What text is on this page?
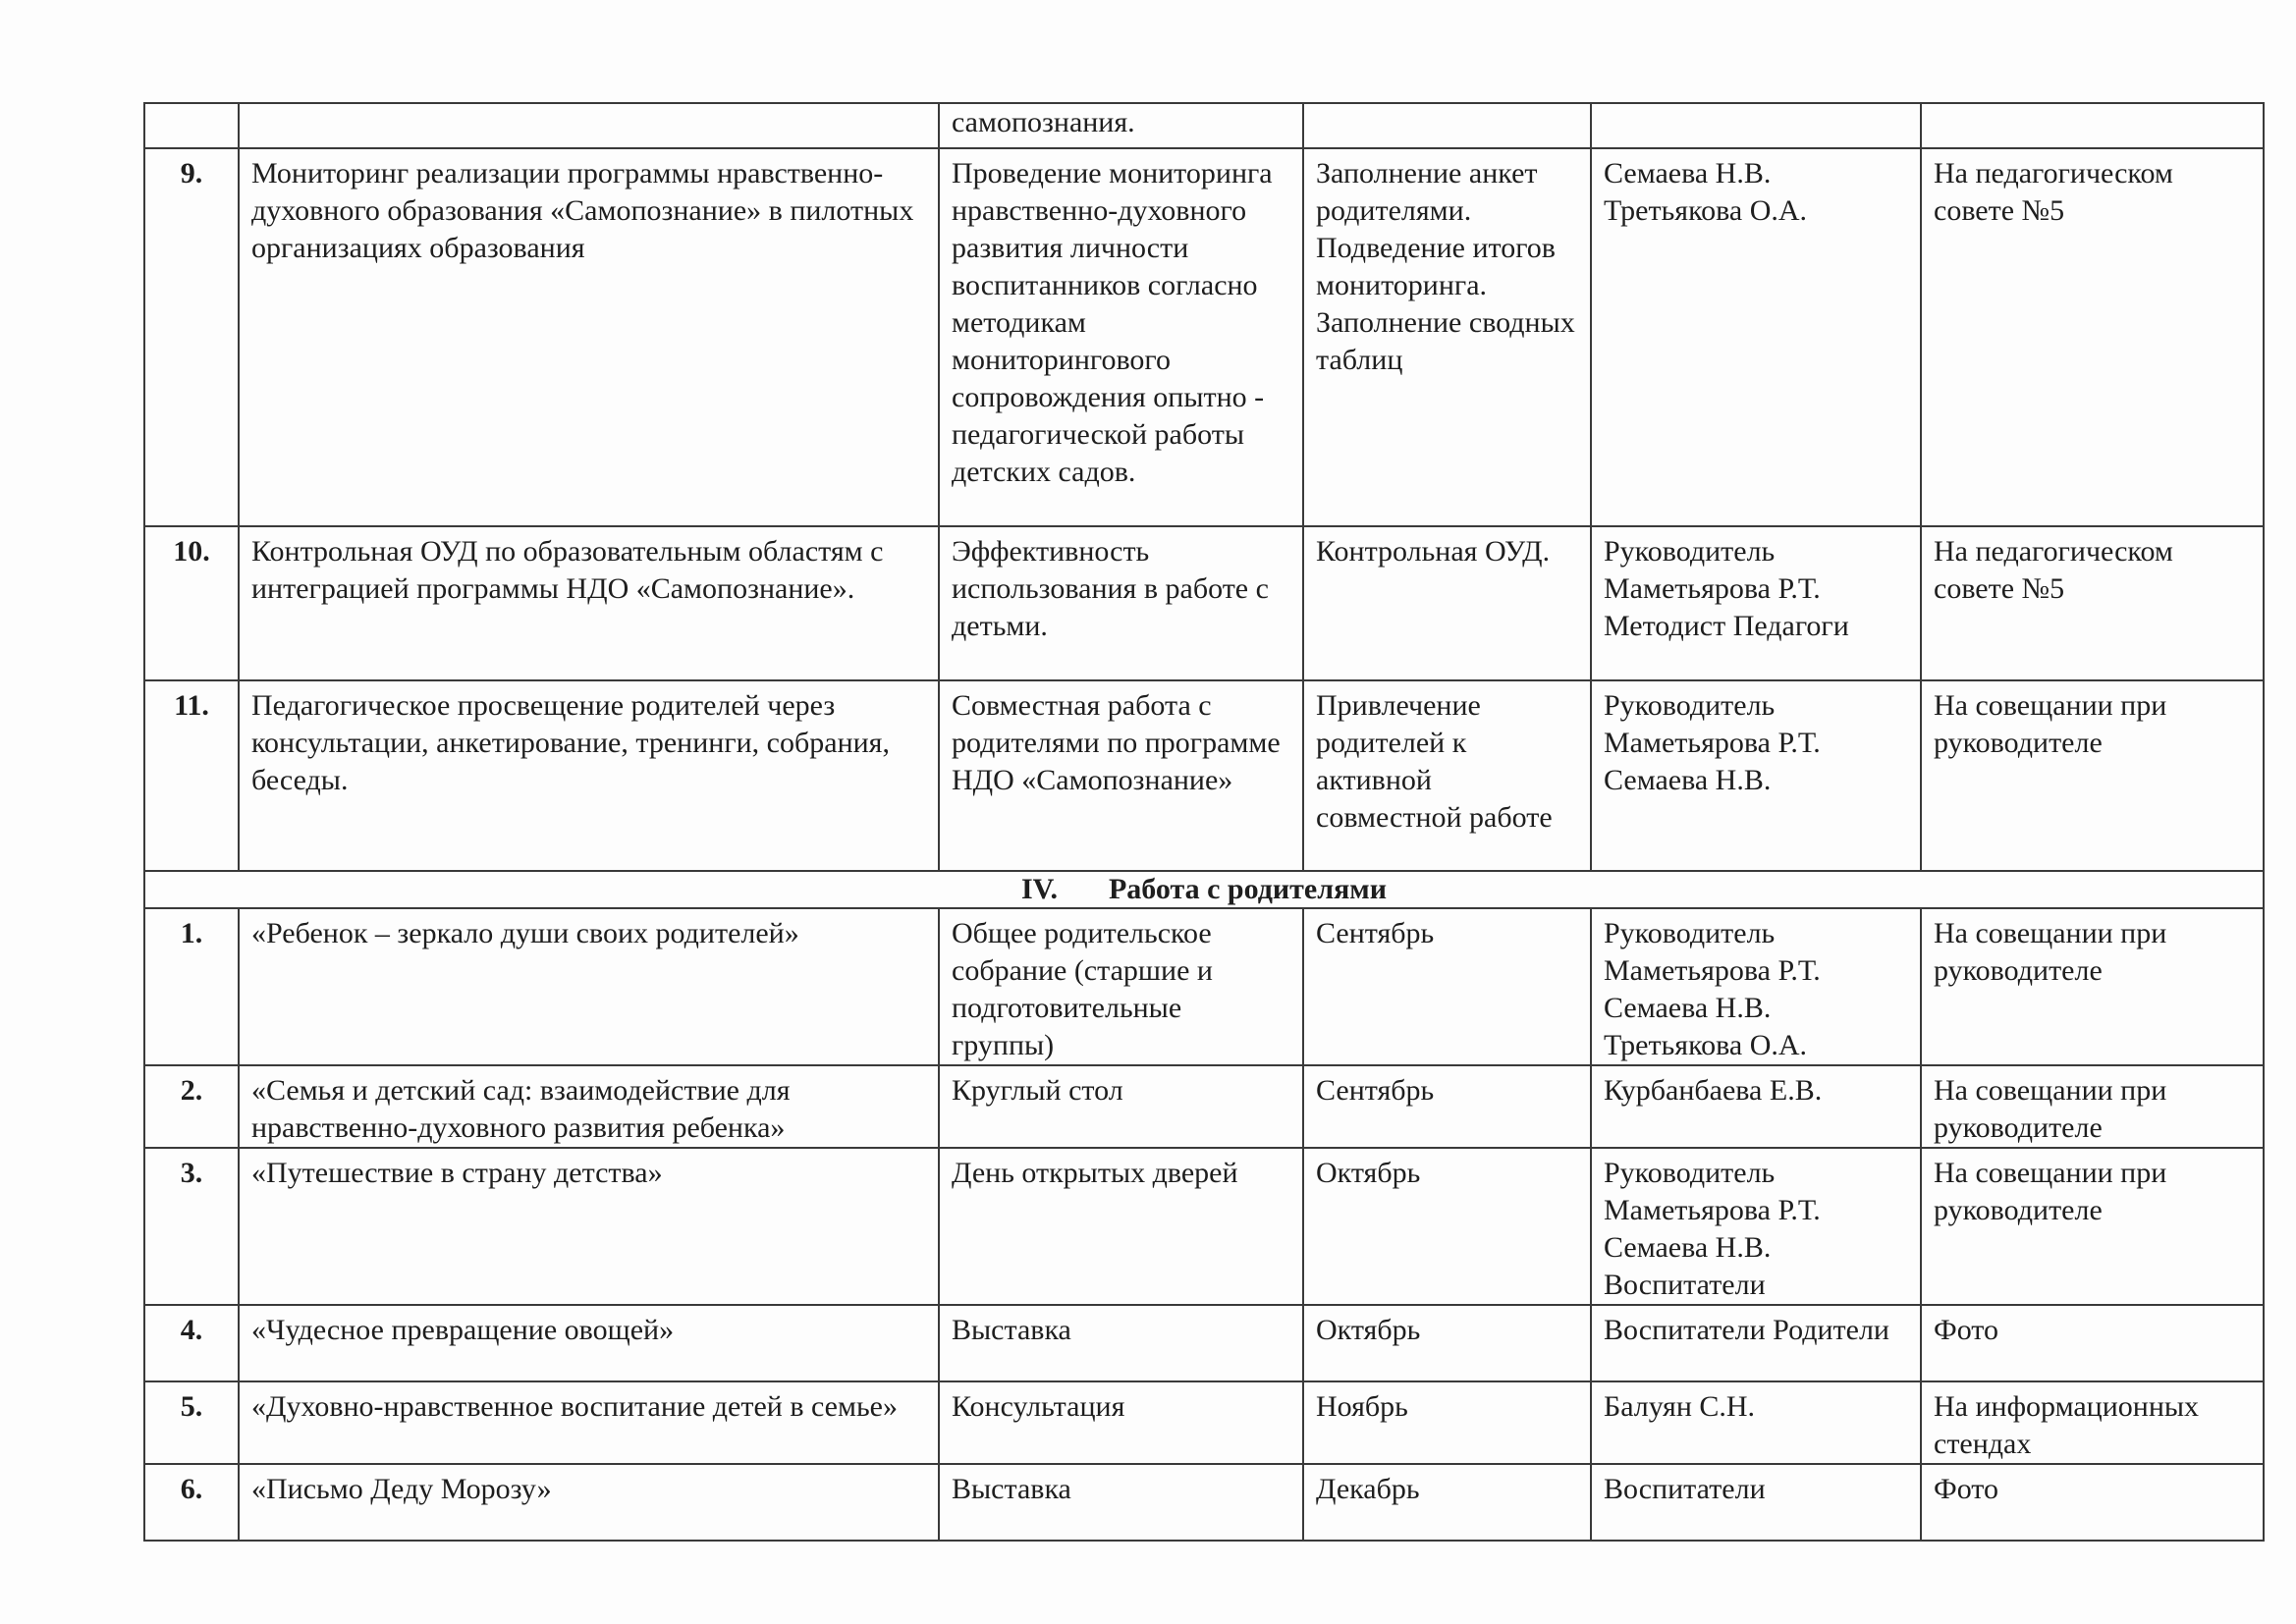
		самопознания.			
9.	Мониторинг реализации программы нравственно-духовного образования «Самопознание» в пилотных организациях образования	Проведение мониторинга нравственно-духовного развития личности воспитанников согласно методикам мониторингового сопровождения опытно - педагогической работы детских садов.	Заполнение анкет родителями. Подведение итогов мониторинга. Заполнение сводных таблиц	Семаева Н.В. Третьякова О.А.	На педагогическом совете №5
10.	Контрольная ОУД по образовательным областям с интеграцией программы НДО «Самопознание».	Эффективность использования в работе с детьми.	Контрольная ОУД.	Руководитель Маметьярова Р.Т. Методист Педагоги	На педагогическом совете №5
11.	Педагогическое просвещение родителей через консультации, анкетирование, тренинги, собрания, беседы.	Совместная работа с родителями по программе НДО «Самопознание»	Привлечение родителей к активной совместной работе	Руководитель Маметьярова Р.Т. Семаева Н.В.	На совещании при руководителе
IV. Работа с родителями					
1.	«Ребенок – зеркало души своих родителей»	Общее родительское собрание (старшие и подготовительные группы)	Сентябрь	Руководитель Маметьярова Р.Т. Семаева Н.В. Третьякова О.А.	На совещании при руководителе
2.	«Семья и детский сад: взаимодействие для нравственно-духовного развития ребенка»	Круглый стол	Сентябрь	Курбанбаева Е.В.	На совещании при руководителе
3.	«Путешествие в страну детства»	День открытых дверей	Октябрь	Руководитель Маметьярова Р.Т. Семаева Н.В. Воспитатели	На совещании при руководителе
4.	«Чудесное превращение овощей»	Выставка	Октябрь	Воспитатели Родители	Фото
5.	«Духовно-нравственное воспитание детей в семье»	Консультация	Ноябрь	Балуян С.Н.	На информационных стендах
6.	«Письмо Деду Морозу»	Выставка	Декабрь	Воспитатели	Фото
